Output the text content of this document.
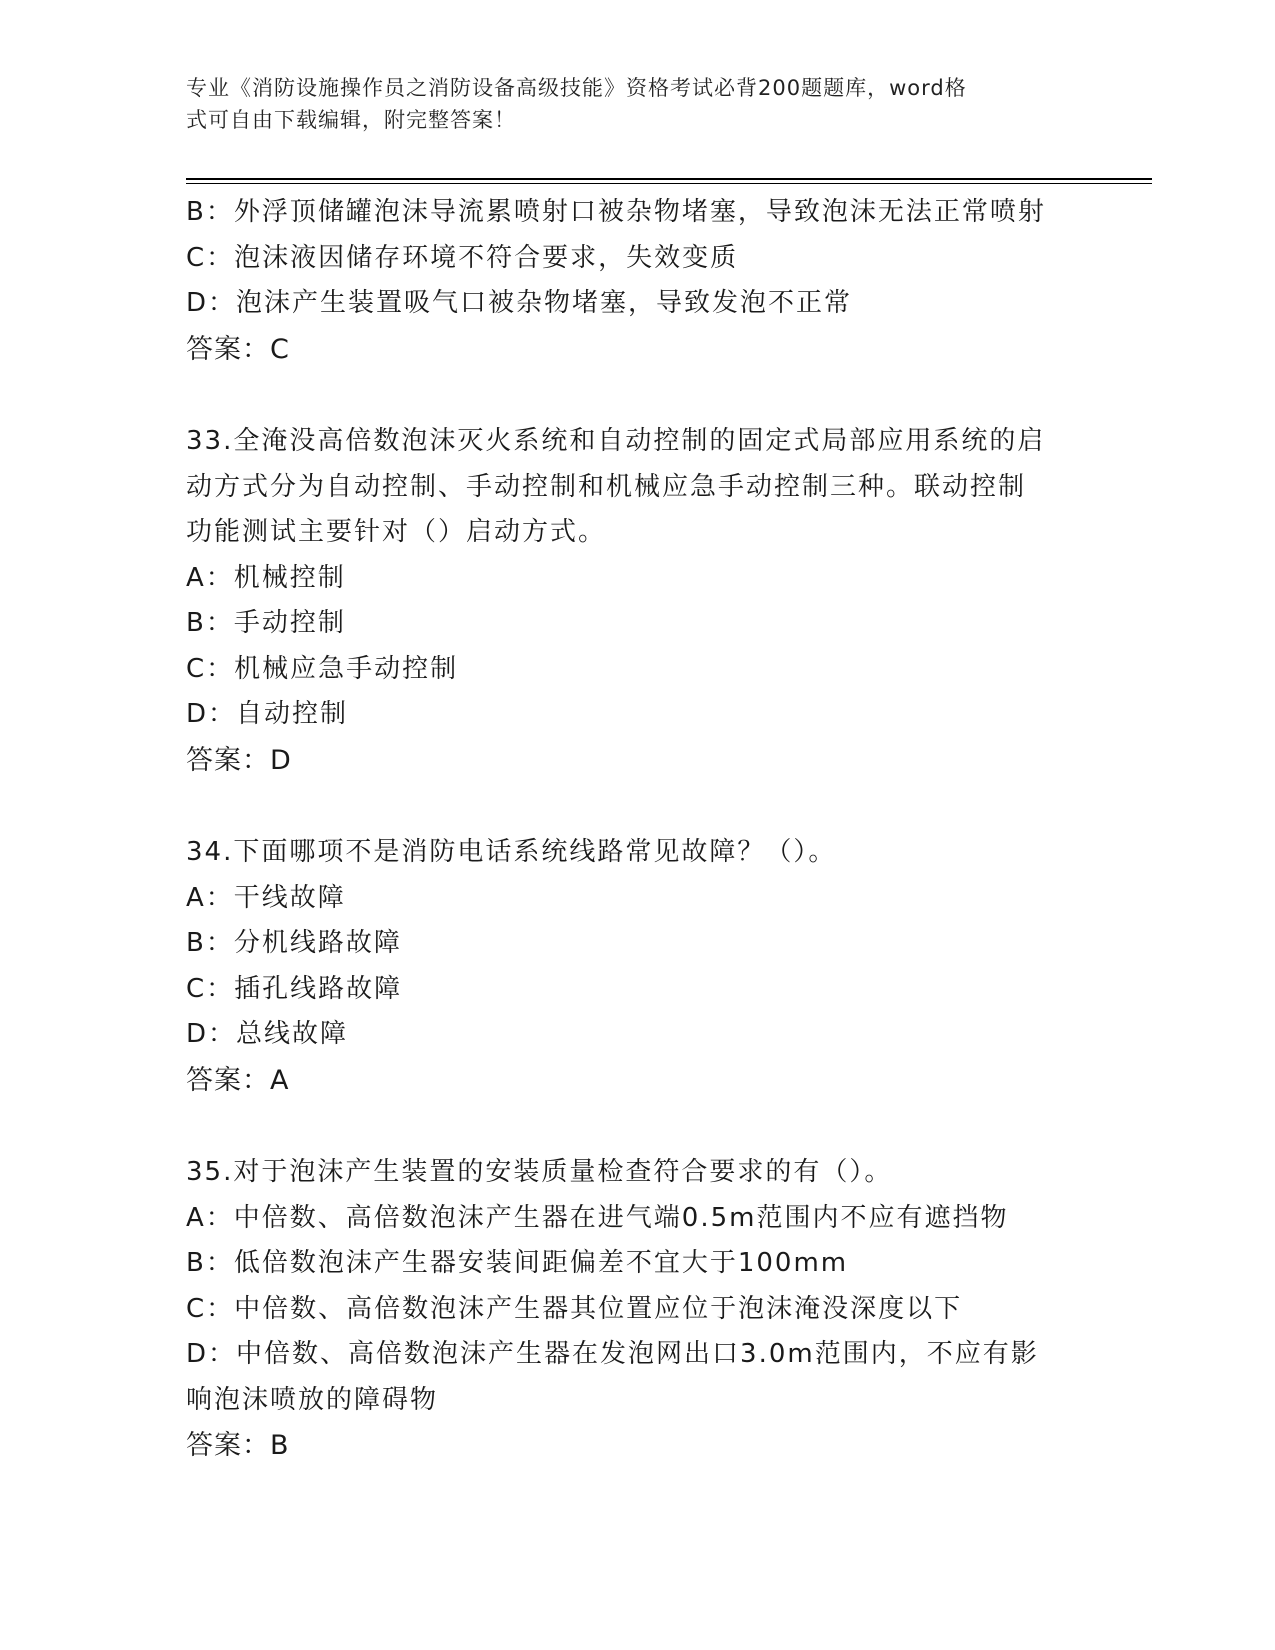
专业《消防设施操作员之消防设备高级技能》资格考试必背200题题库，word格
式可自由下载编辑，附完整答案！

B：外浮顶储罐泡沫导流累喷射口被杂物堵塞，导致泡沫无法正常喷射

C：泡沫液因储存环境不符合要求，失效变质

D：泡沫产生装置吸气口被杂物堵塞，导致发泡不正常

答案：C

33.全淹没高倍数泡沫灭火系统和自动控制的固定式局部应用系统的启

动方式分为自动控制、手动控制和机械应急手动控制三种。联动控制

功能测试主要针对（）启动方式。

A：机械控制

B：手动控制

C：机械应急手动控制

D：自动控制

答案：D

34.下面哪项不是消防电话系统线路常见故障？（）。

A：干线故障

B：分机线路故障

C：插孔线路故障

D：总线故障

答案：A

35.对于泡沫产生装置的安装质量检查符合要求的有（）。

A：中倍数、高倍数泡沫产生器在进气端0.5m范围内不应有遮挡物

B：低倍数泡沫产生器安装间距偏差不宜大于100mm

C：中倍数、高倍数泡沫产生器其位置应位于泡沫淹没深度以下

D：中倍数、高倍数泡沫产生器在发泡网出口3.0m范围内，不应有影

响泡沫喷放的障碍物

答案：B
